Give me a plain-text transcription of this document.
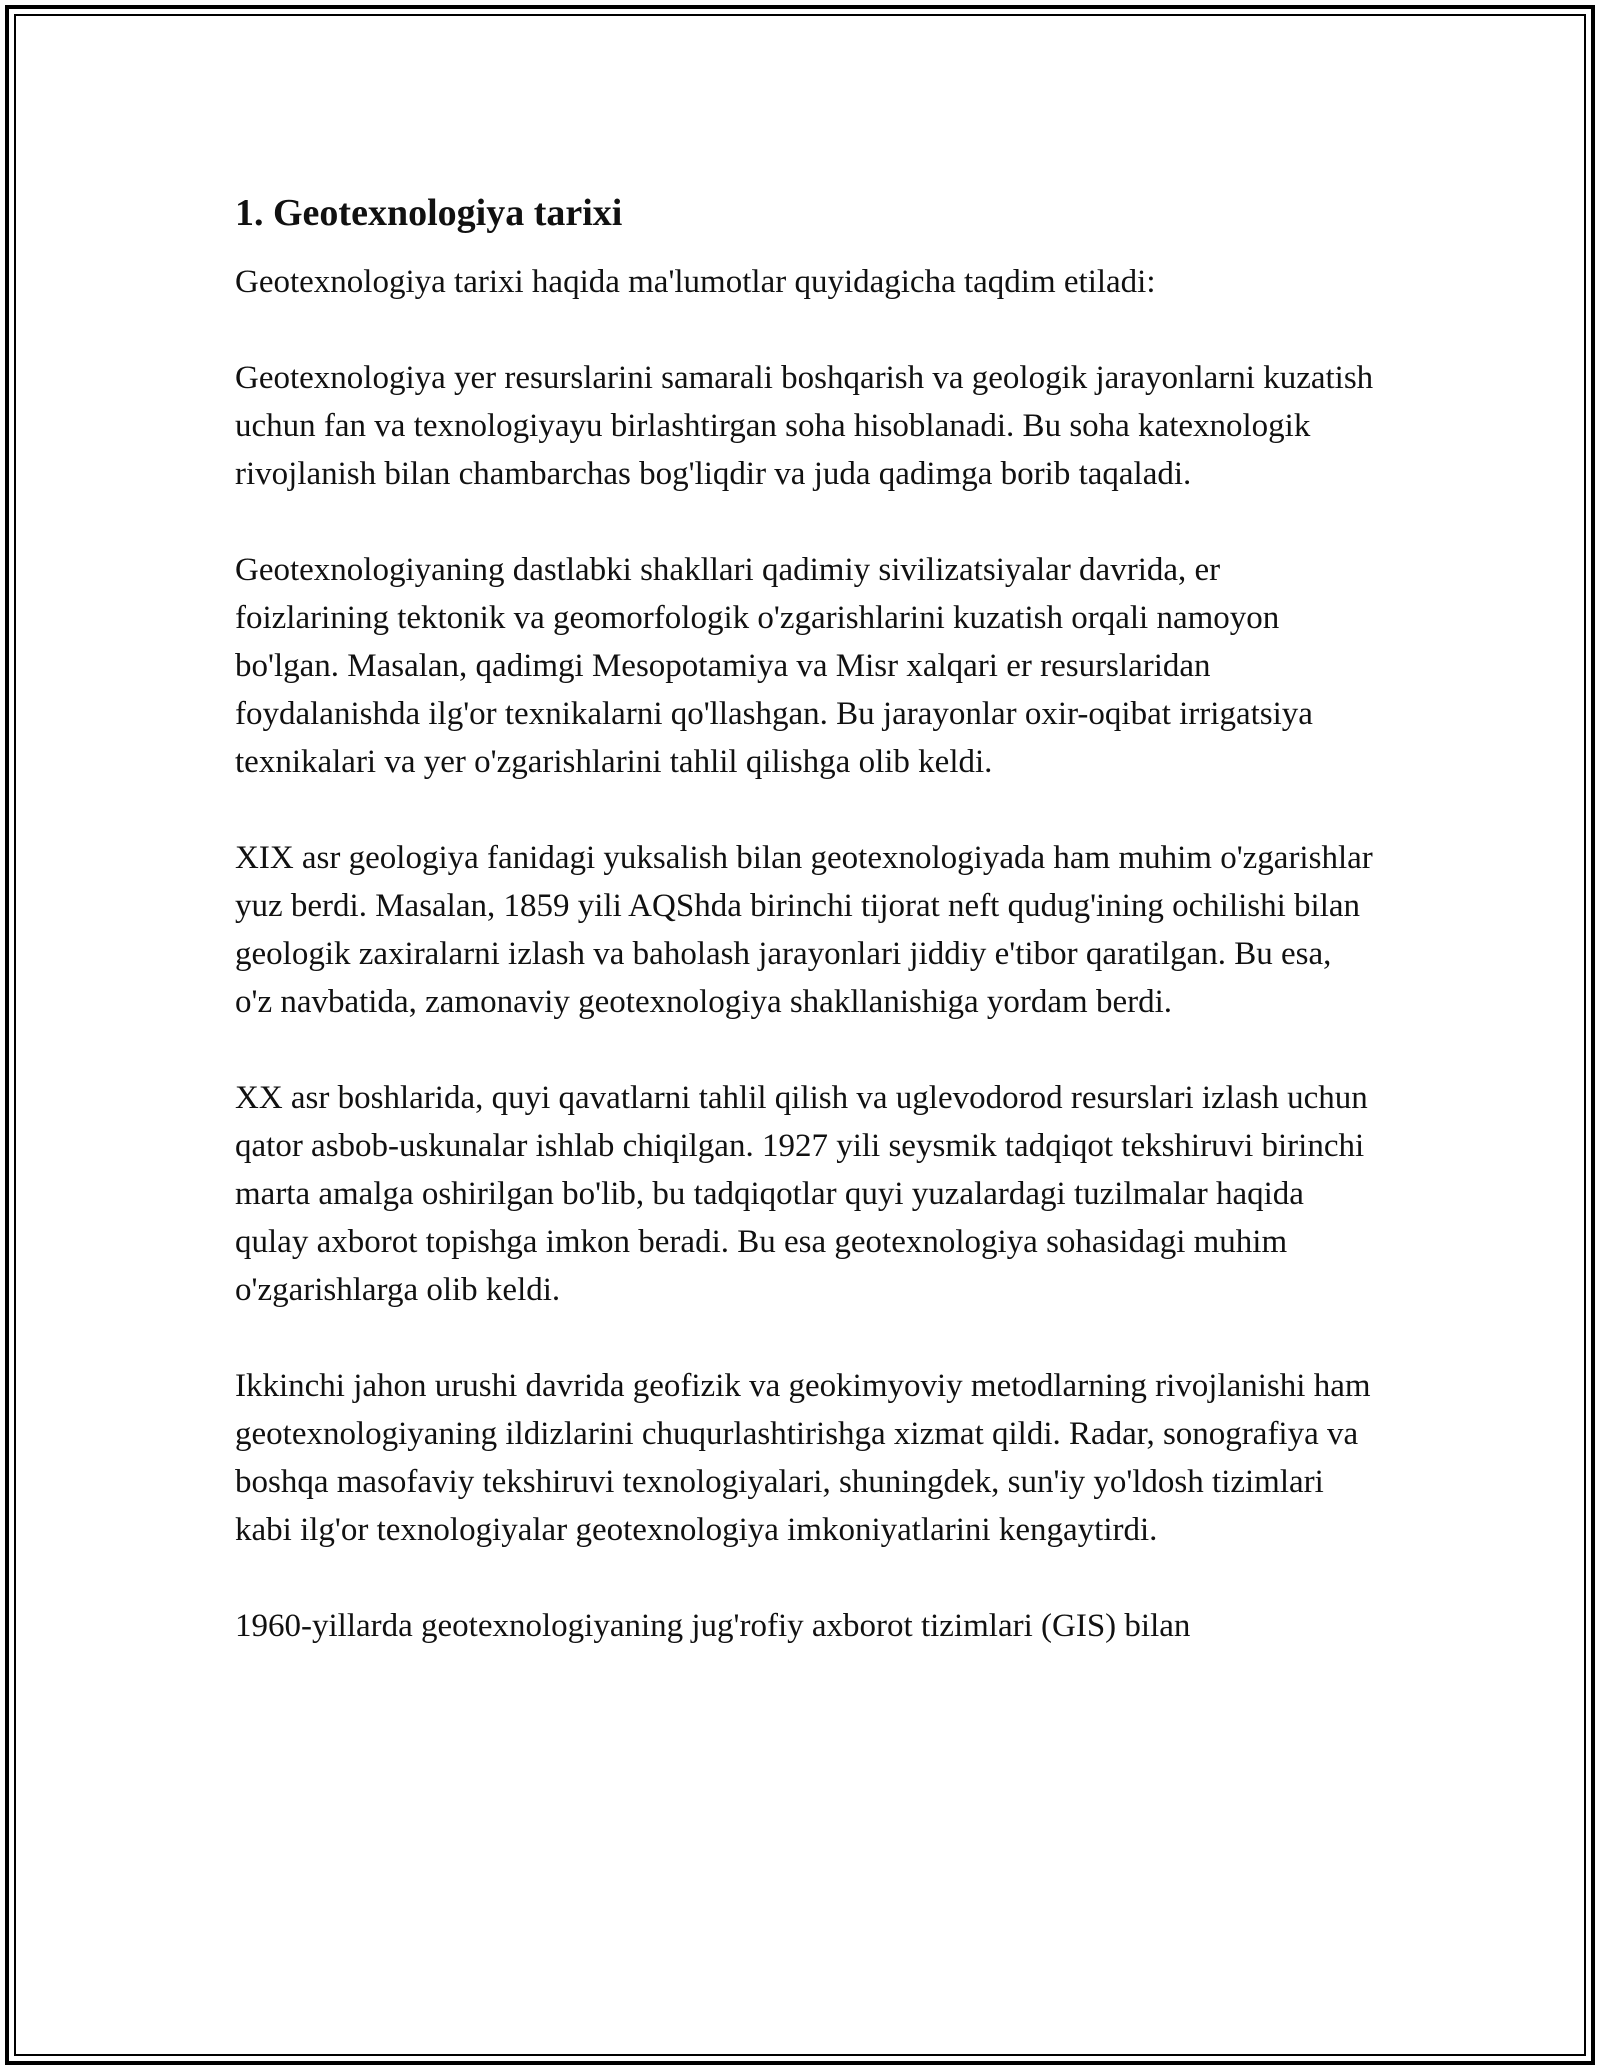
1. Geotexnologiya tarixi

Geotexnologiya tarixi haqida ma'lumotlar quyidagicha taqdim etiladi:

Geotexnologiya yer resurslarini samarali boshqarish va geologik jarayonlarni kuzatish uchun fan va texnologiyayu birlashtirgan soha hisoblanadi. Bu soha katexnologik rivojlanish bilan chambarchas bog'liqdir va juda qadimga borib taqaladi.

Geotexnologiyaning dastlabki shakllari qadimiy sivilizatsiyalar davrida, er foizlarining tektonik va geomorfologik o'zgarishlarini kuzatish orqali namoyon bo'lgan. Masalan, qadimgi Mesopotamiya va Misr xalqari er resurslaridan foydalanishda ilg'or texnikalarni qo'llashgan. Bu jarayonlar oxir-oqibat irrigatsiya texnikalari va yer o'zgarishlarini tahlil qilishga olib keldi.

XIX asr geologiya fanidagi yuksalish bilan geotexnologiyada ham muhim o'zgarishlar yuz berdi. Masalan, 1859 yili AQShda birinchi tijorat neft qudug'ining ochilishi bilan geologik zaxiralarni izlash va baholash jarayonlari jiddiy e'tibor qaratilgan. Bu esa, o'z navbatida, zamonaviy geotexnologiya shakllanishiga yordam berdi.

XX asr boshlarida, quyi qavatlarni tahlil qilish va uglevodorod resurslari izlash uchun qator asbob-uskunalar ishlab chiqilgan. 1927 yili seysmik tadqiqot tekshiruvi birinchi marta amalga oshirilgan bo'lib, bu tadqiqotlar quyi yuzalardagi tuzilmalar haqida qulay axborot topishga imkon beradi. Bu esa geotexnologiya sohasidagi muhim o'zgarishlarga olib keldi.

Ikkinchi jahon urushi davrida geofizik va geokimyoviy metodlarning rivojlanishi ham geotexnologiyaning ildizlarini chuqurlashtirishga xizmat qildi. Radar, sonografiya va boshqa masofaviy tekshiruvi texnologiyalari, shuningdek, sun'iy yo'ldosh tizimlari kabi ilg'or texnologiyalar geotexnologiya imkoniyatlarini kengaytirdi.

1960-yillarda geotexnologiyaning jug'rofiy axborot tizimlari (GIS) bilan
